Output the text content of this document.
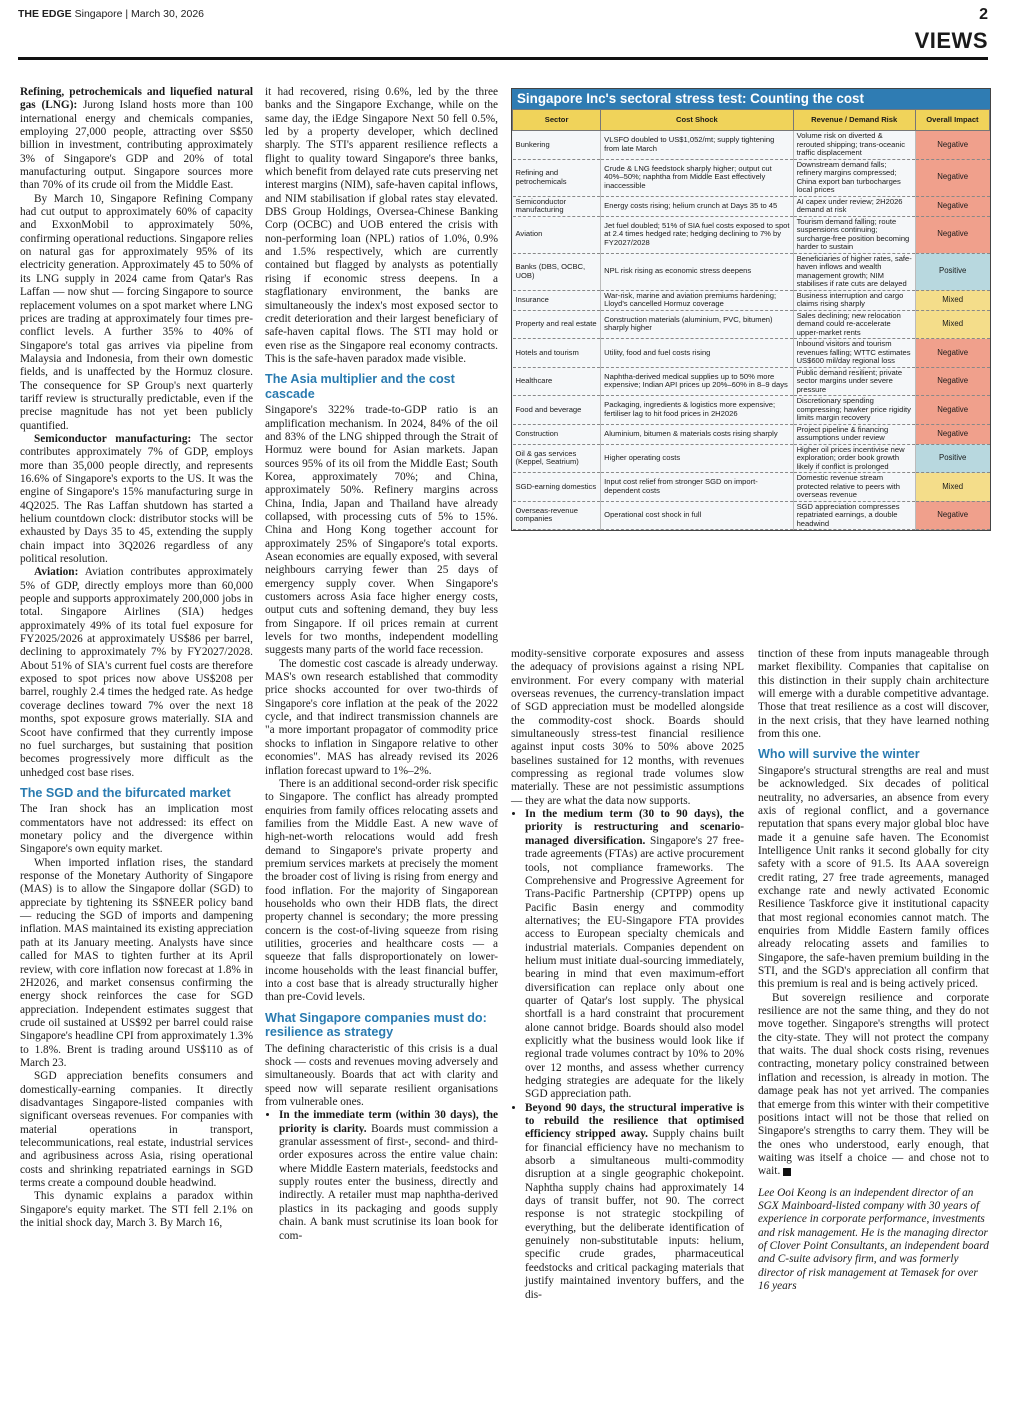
THE EDGE Singapore | March 30, 2026	2
VIEWS

Refining, petrochemicals and liquefied natural gas (LNG): Jurong Island hosts more than 100 international energy and chemicals companies, employing 27,000 people, attracting over S$50 billion in investment, contributing approximately 3% of Singapore's GDP and 20% of total manufacturing output. Singapore sources more than 70% of its crude oil from the Middle East.

By March 10, Singapore Refining Company had cut output to approximately 60% of capacity and ExxonMobil to approximately 50%, confirming operational reductions. Singapore relies on natural gas for approximately 95% of its electricity generation. Approximately 45 to 50% of its LNG supply in 2024 came from Qatar's Ras Laffan — now shut — forcing Singapore to source replacement volumes on a spot market where LNG prices are trading at approximately four times pre-conflict levels. A further 35% to 40% of Singapore's total gas arrives via pipeline from Malaysia and Indonesia, from their own domestic fields, and is unaffected by the Hormuz closure. The consequence for SP Group's next quarterly tariff review is structurally predictable, even if the precise magnitude has not yet been publicly quantified.

Semiconductor manufacturing: The sector contributes approximately 7% of GDP, employs more than 35,000 people directly, and represents 16.6% of Singapore's exports to the US. It was the engine of Singapore's 15% manufacturing surge in 4Q2025. The Ras Laffan shutdown has started a helium countdown clock: distributor stocks will be exhausted by Days 35 to 45, extending the supply chain impact into 3Q2026 regardless of any political resolution.

Aviation: Aviation contributes approximately 5% of GDP, directly employs more than 60,000 people and supports approximately 200,000 jobs in total. Singapore Airlines (SIA) hedges approximately 49% of its total fuel exposure for FY2025/2026 at approximately US$86 per barrel, declining to approximately 7% by FY2027/2028. About 51% of SIA's current fuel costs are therefore exposed to spot prices now above US$208 per barrel, roughly 2.4 times the hedged rate. As hedge coverage declines toward 7% over the next 18 months, spot exposure grows materially. SIA and Scoot have confirmed that they currently impose no fuel surcharges, but sustaining that position becomes progressively more difficult as the unhedged cost base rises.

The SGD and the bifurcated market

The Iran shock has an implication most commentators have not addressed: its effect on monetary policy and the divergence within Singapore's own equity market.

When imported inflation rises, the standard response of the Monetary Authority of Singapore (MAS) is to allow the Singapore dollar (SGD) to appreciate by tightening its S$NEER policy band — reducing the SGD of imports and dampening inflation. MAS maintained its existing appreciation path at its January meeting. Analysts have since called for MAS to tighten further at its April review, with core inflation now forecast at 1.8% in 2H2026, and market consensus confirming the energy shock reinforces the case for SGD appreciation. Independent estimates suggest that crude oil sustained at US$92 per barrel could raise Singapore's headline CPI from approximately 1.3% to 1.8%. Brent is trading around US$110 as of March 23.

SGD appreciation benefits consumers and domestically-earning companies. It directly disadvantages Singapore-listed companies with significant overseas revenues. For companies with material operations in transport, telecommunications, real estate, industrial services and agribusiness across Asia, rising operational costs and shrinking repatriated earnings in SGD terms create a compound double headwind.

This dynamic explains a paradox within Singapore's equity market. The STI fell 2.1% on the initial shock day, March 3. By March 16,

it had recovered, rising 0.6%, led by the three banks and the Singapore Exchange, while on the same day, the iEdge Singapore Next 50 fell 0.5%, led by a property developer, which declined sharply. The STI's apparent resilience reflects a flight to quality toward Singapore's three banks, which benefit from delayed rate cuts preserving net interest margins (NIM), safe-haven capital inflows, and NIM stabilisation if global rates stay elevated. DBS Group Holdings, Oversea-Chinese Banking Corp (OCBC) and UOB entered the crisis with non-performing loan (NPL) ratios of 1.0%, 0.9% and 1.5% respectively, which are currently contained but flagged by analysts as potentially rising if economic stress deepens. In a stagflationary environment, the banks are simultaneously the index's most exposed sector to credit deterioration and their largest beneficiary of safe-haven capital flows. The STI may hold or even rise as the Singapore real economy contracts. This is the safe-haven paradox made visible.

The Asia multiplier and the cost cascade

Singapore's 322% trade-to-GDP ratio is an amplification mechanism. In 2024, 84% of the oil and 83% of the LNG shipped through the Strait of Hormuz were bound for Asian markets. Japan sources 95% of its oil from the Middle East; South Korea, approximately 70%; and China, approximately 50%. Refinery margins across China, India, Japan and Thailand have already collapsed, with processing cuts of 5% to 15%. China and Hong Kong together account for approximately 25% of Singapore's total exports. Asean economies are equally exposed, with several neighbours carrying fewer than 25 days of emergency supply cover. When Singapore's customers across Asia face higher energy costs, output cuts and softening demand, they buy less from Singapore. If oil prices remain at current levels for two months, independent modelling suggests many parts of the world face recession.

The domestic cost cascade is already underway. MAS's own research established that commodity price shocks accounted for over two-thirds of Singapore's core inflation at the peak of the 2022 cycle, and that indirect transmission channels are "a more important propagator of commodity price shocks to inflation in Singapore relative to other economies". MAS has already revised its 2026 inflation forecast upward to 1%–2%.

There is an additional second-order risk specific to Singapore. The conflict has already prompted enquiries from family offices relocating assets and families from the Middle East. A new wave of high-net-worth relocations would add fresh demand to Singapore's private property and premium services markets at precisely the moment the broader cost of living is rising from energy and food inflation. For the majority of Singaporean households who own their HDB flats, the direct property channel is secondary; the more pressing concern is the cost-of-living squeeze from rising utilities, groceries and healthcare costs — a squeeze that falls disproportionately on lower-income households with the least financial buffer, into a cost base that is already structurally higher than pre-Covid levels.

What Singapore companies must do: resilience as strategy

The defining characteristic of this crisis is a dual shock — costs and revenues moving adversely and simultaneously. Boards that act with clarity and speed now will separate resilient organisations from vulnerable ones.

• In the immediate term (within 30 days), the priority is clarity. Boards must commission a granular assessment of first-, second- and third-order exposures across the entire value chain: where Middle Eastern materials, feedstocks and supply routes enter the business, directly and indirectly. A retailer must map naphtha-derived plastics in its packaging and goods supply chain. A bank must scrutinise its loan book for com-
Singapore Inc's sectoral stress test: Counting the cost
Sector	Cost Shock	Revenue / Demand Risk	Overall Impact
Bunkering	VLSFO doubled to US$1,052/mt; supply tightening from late March	Volume risk on diverted & rerouted shipping; trans-oceanic traffic displacement	Negative
Refining and petrochemicals	Crude & LNG feedstock sharply higher; output cut 40%–50%; naphtha from Middle East effectively inaccessible	Downstream demand falls; refinery margins compressed; China export ban turbocharges local prices	Negative
Semiconductor manufacturing	Energy costs rising; helium crunch at Days 35 to 45	AI capex under review; 2H2026 demand at risk	Negative
Aviation	Jet fuel doubled; 51% of SIA fuel costs exposed to spot at 2.4 times hedged rate; hedging declining to 7% by FY2027/2028	Tourism demand falling; route suspensions continuing; surcharge-free position becoming harder to sustain	Negative
Banks (DBS, OCBC, UOB)	NPL risk rising as economic stress deepens	Beneficiaries of higher rates, safe-haven inflows and wealth management growth; NIM stabilises if rate cuts are delayed	Positive
Insurance	War-risk, marine and aviation premiums hardening; Lloyd's cancelled Hormuz coverage	Business interruption and cargo claims rising sharply	Mixed
Property and real estate	Construction materials (aluminium, PVC, bitumen) sharply higher	Sales declining; new relocation demand could re-accelerate upper-market rents	Mixed
Hotels and tourism	Utility, food and fuel costs rising	Inbound visitors and tourism revenues falling; WTTC estimates US$600 mil/day regional loss	Negative
Healthcare	Naphtha-derived medical supplies up to 50% more expensive; Indian API prices up 20%–60% in 8–9 days	Public demand resilient; private sector margins under severe pressure	Negative
Food and beverage	Packaging, ingredients & logistics more expensive; fertiliser lag to hit food prices in 2H2026	Discretionary spending compressing; hawker price rigidity limits margin recovery	Negative
Construction	Aluminium, bitumen & materials costs rising sharply	Project pipeline & financing assumptions under review	Negative
Oil & gas services (Keppel, Seatrium)	Higher operating costs	Higher oil prices incentivise new exploration; order book growth likely if conflict is prolonged	Positive
SGD-earning domestics	Input cost relief from stronger SGD on import-dependent costs	Domestic revenue stream protected relative to peers with overseas revenue	Mixed
Overseas-revenue companies	Operational cost shock in full	SGD appreciation compresses repatriated earnings, a double headwind	Negative

modity-sensitive corporate exposures and assess the adequacy of provisions against a rising NPL environment. For every company with material overseas revenues, the currency-translation impact of SGD appreciation must be modelled alongside the commodity-cost shock. Boards should simultaneously stress-test financial resilience against input costs 30% to 50% above 2025 baselines sustained for 12 months, with revenues compressing as regional trade volumes slow materially. These are not pessimistic assumptions — they are what the data now supports.

• In the medium term (30 to 90 days), the priority is restructuring and scenario-managed diversification. Singapore's 27 free-trade agreements (FTAs) are active procurement tools, not compliance frameworks. The Comprehensive and Progressive Agreement for Trans-Pacific Partnership (CPTPP) opens up Pacific Basin energy and commodity alternatives; the EU-Singapore FTA provides access to European specialty chemicals and industrial materials. Companies dependent on helium must initiate dual-sourcing immediately, bearing in mind that even maximum-effort diversification can replace only about one quarter of Qatar's lost supply. The physical shortfall is a hard constraint that procurement alone cannot bridge. Boards should also model explicitly what the business would look like if regional trade volumes contract by 10% to 20% over 12 months, and assess whether currency hedging strategies are adequate for the likely SGD appreciation path.
• Beyond 90 days, the structural imperative is to rebuild the resilience that optimised efficiency stripped away. Supply chains built for financial efficiency have no mechanism to absorb a simultaneous multi-commodity disruption at a single geographic chokepoint. Naphtha supply chains had approximately 14 days of transit buffer, not 90. The correct response is not strategic stockpiling of everything, but the deliberate identification of genuinely non-substitutable inputs: helium, specific crude grades, pharmaceutical feedstocks and critical packaging materials that justify maintained inventory buffers, and the dis-

tinction of these from inputs manageable through market flexibility. Companies that capitalise on this distinction in their supply chain architecture will emerge with a durable competitive advantage. Those that treat resilience as a cost will discover, in the next crisis, that they have learned nothing from this one.

Who will survive the winter

Singapore's structural strengths are real and must be acknowledged. Six decades of political neutrality, no adversaries, an absence from every axis of regional conflict, and a governance reputation that spans every major global bloc have made it a genuine safe haven. The Economist Intelligence Unit ranks it second globally for city safety with a score of 91.5. Its AAA sovereign credit rating, 27 free trade agreements, managed exchange rate and newly activated Economic Resilience Taskforce give it institutional capacity that most regional economies cannot match. The enquiries from Middle Eastern family offices already relocating assets and families to Singapore, the safe-haven premium building in the STI, and the SGD's appreciation all confirm that this premium is real and is being actively priced.

But sovereign resilience and corporate resilience are not the same thing, and they do not move together. Singapore's strengths will protect the city-state. They will not protect the company that waits. The dual shock costs rising, revenues contracting, monetary policy constrained between inflation and recession, is already in motion. The damage peak has not yet arrived. The companies that emerge from this winter with their competitive positions intact will not be those that relied on Singapore's strengths to carry them. They will be the ones who understood, early enough, that waiting was itself a choice — and chose not to wait.

Lee Ooi Keong is an independent director of an SGX Mainboard-listed company with 30 years of experience in corporate performance, investments and risk management. He is the managing director of Clover Point Consultants, an independent board and C-suite advisory firm, and was formerly director of risk management at Temasek for over 16 years
